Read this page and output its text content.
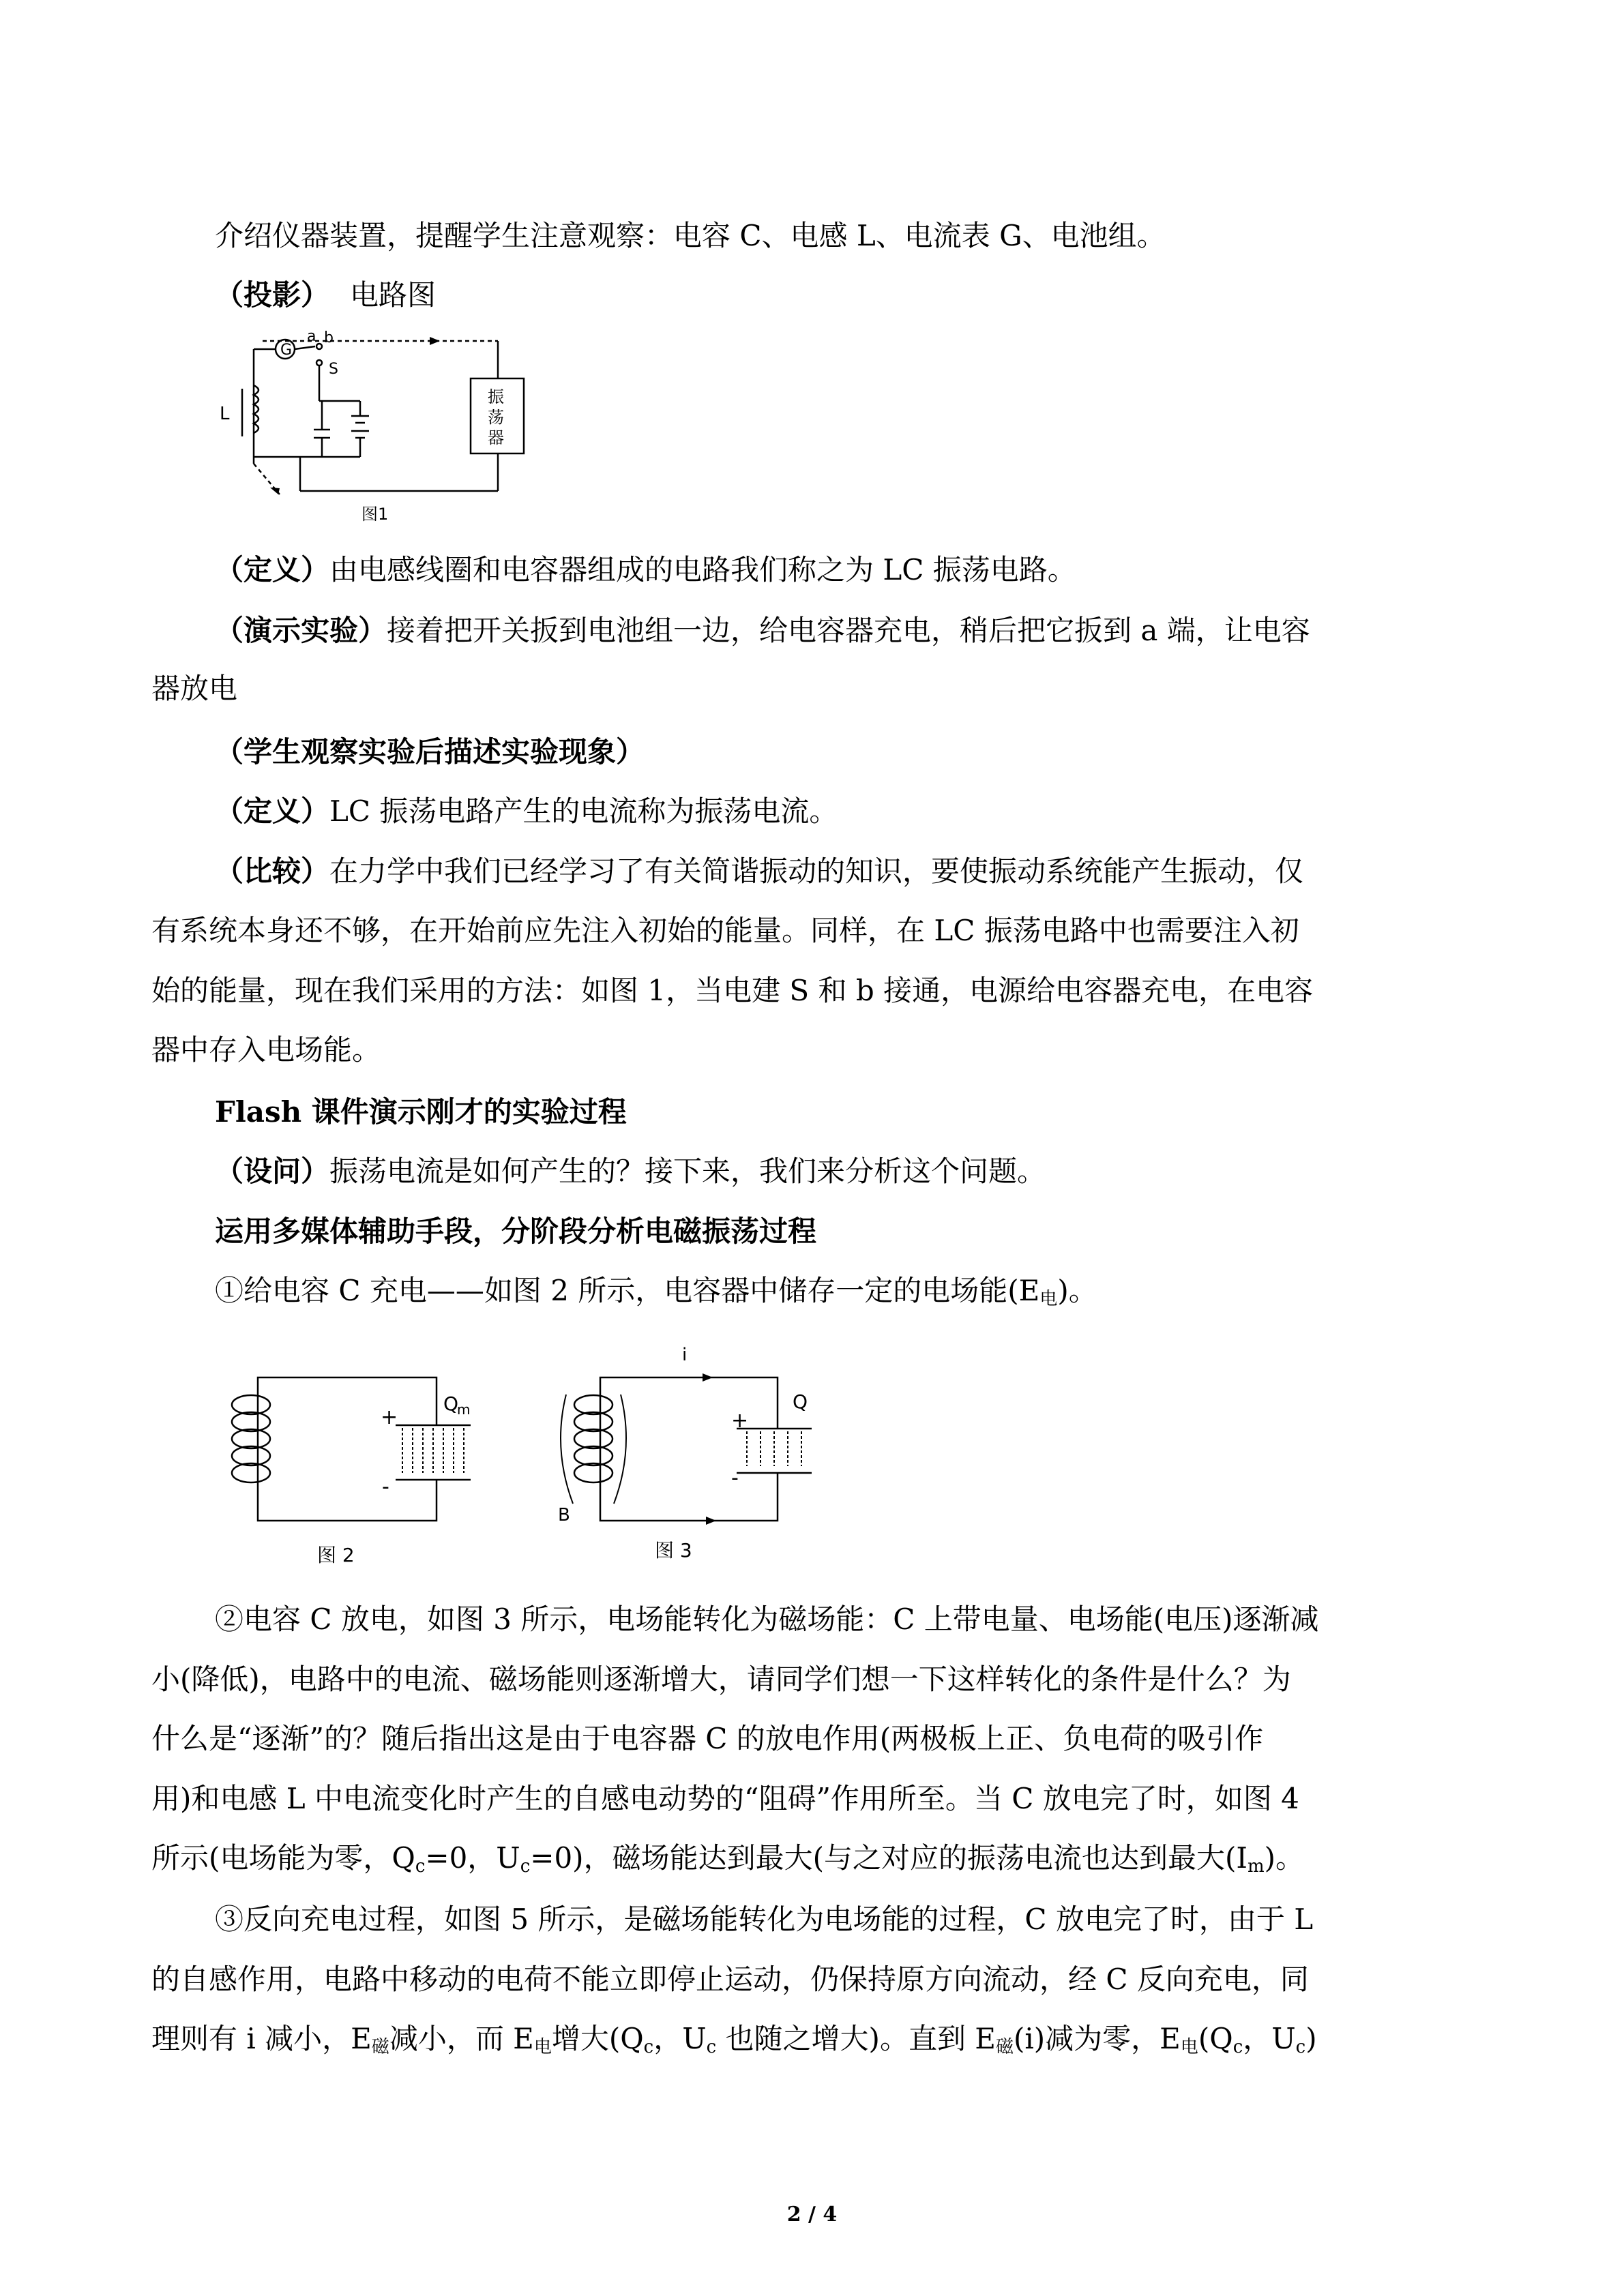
介绍仪器装置，提醒学生注意观察：电容 C、电感 L、电流表 G、电池组。
（投影） 电路图
G
a b
S
L
振
荡
器
图1
（定义）由电感线圈和电容器组成的电路我们称之为 LC 振荡电路。
（演示实验）接着把开关扳到电池组一边，给电容器充电，稍后把它扳到 a 端，让电容
器放电
（学生观察实验后描述实验现象）
（定义）LC 振荡电路产生的电流称为振荡电流。
（比较）在力学中我们已经学习了有关简谐振动的知识，要使振动系统能产生振动，仅
有系统本身还不够，在开始前应先注入初始的能量。同样，在 LC 振荡电路中也需要注入初
始的能量，现在我们采用的方法：如图 1，当电建 S 和 b 接通，电源给电容器充电，在电容
器中存入电场能。
Flash 课件演示刚才的实验过程
（设问）振荡电流是如何产生的？接下来，我们来分析这个问题。
运用多媒体辅助手段，分阶段分析电磁振荡过程
①给电容 C 充电——如图 2 所示，电容器中储存一定的电场能$(E_电)$。
+
-
Q
m
图 2
i
+
-
Q
B
图 3
②电容 C 放电，如图 3 所示，电场能转化为磁场能：C 上带电量、电场能(电压)逐渐减
小(降低)，电路中的电流、磁场能则逐渐增大，请同学们想一下这样转化的条件是什么？为
什么是“逐渐”的？随后指出这是由于电容器 C 的放电作用(两极板上正、负电荷的吸引作
用)和电感 L 中电流变化时产生的自感电动势的“阻碍”作用所至。当 C 放电完了时，如图 4
所示(电场能为零，$Q_c=0$，$U_c=0$)，磁场能达到最大(与之对应的振荡电流也达到最大$(I_m)$。
③反向充电过程，如图 5 所示，是磁场能转化为电场能的过程，C 放电完了时，由于 L
的自感作用，电路中移动的电荷不能立即停止运动，仍保持原方向流动，经 C 反向充电，同
理则有 i 减小，$E_磁$减小，而 $E_电$增大($Q_c$，$U_c$ 也随之增大)。直到 $E_磁(i)$减为零，$E_电(Q_c$，$U_c$)
2 / 4
